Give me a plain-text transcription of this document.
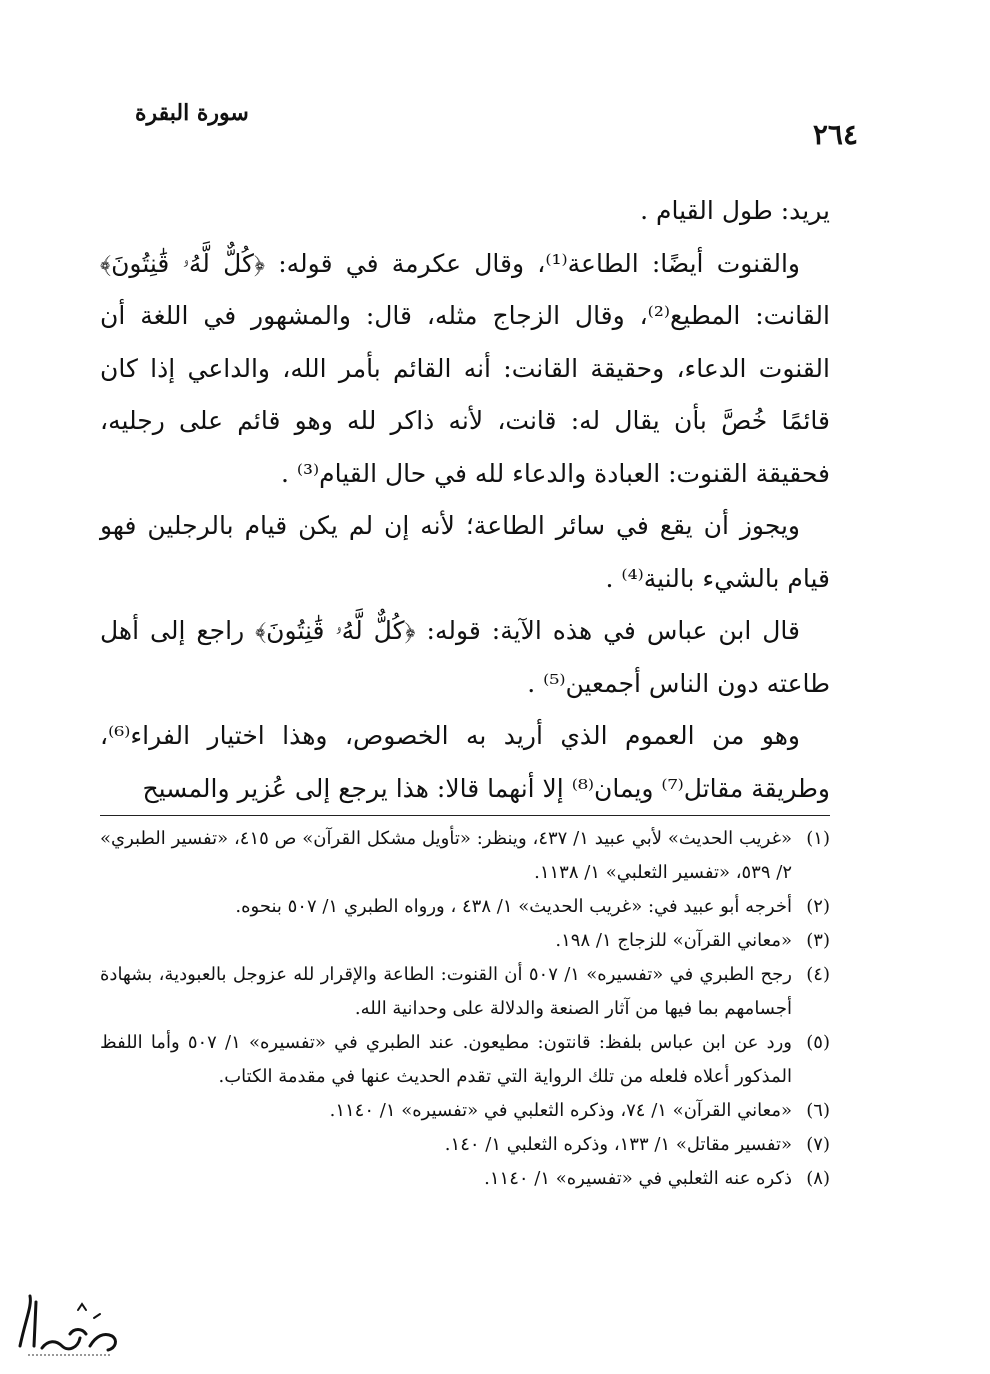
سورة البقرة
٢٦٤

يريد: طول القيام .

والقنوت أيضًا: الطاعة⁽¹⁾، وقال عكرمة في قوله: ﴿كُلٌّ لَّهُۥ قَٰنِتُونَ﴾ القانت: المطيع⁽²⁾، وقال الزجاج مثله، قال: والمشهور في اللغة أن القنوت الدعاء، وحقيقة القانت: أنه القائم بأمر الله، والداعي إذا كان قائمًا خُصَّ بأن يقال له: قانت، لأنه ذاكر لله وهو قائم على رجليه، فحقيقة القنوت: العبادة والدعاء لله في حال القيام⁽³⁾ .

ويجوز أن يقع في سائر الطاعة؛ لأنه إن لم يكن قيام بالرجلين فهو قيام بالشيء بالنية⁽⁴⁾ .

قال ابن عباس في هذه الآية: قوله: ﴿كُلٌّ لَّهُۥ قَٰنِتُونَ﴾ راجع إلى أهل طاعته دون الناس أجمعين⁽⁵⁾ .

وهو من العموم الذي أريد به الخصوص، وهذا اختيار الفراء⁽⁶⁾، وطريقة مقاتل⁽⁷⁾ ويمان⁽⁸⁾ إلا أنهما قالا: هذا يرجع إلى عُزير والمسيح

(١)
«غريب الحديث» لأبي عبيد ١/ ٤٣٧، وينظر: «تأويل مشكل القرآن» ص ٤١٥، «تفسير الطبري» ٢/ ٥٣٩، «تفسير الثعلبي» ١/ ١١٣٨.
(٢)
أخرجه أبو عبيد في: «غريب الحديث» ١/ ٤٣٨ ، ورواه الطبري ١/ ٥٠٧ بنحوه.
(٣)
«معاني القرآن» للزجاج ١/ ١٩٨.
(٤)
رجح الطبري في «تفسيره» ١/ ٥٠٧ أن القنوت: الطاعة والإقرار لله عزوجل بالعبودية، بشهادة أجسامهم بما فيها من آثار الصنعة والدلالة على وحدانية الله.
(٥)
ورد عن ابن عباس بلفظ: قانتون: مطيعون. عند الطبري في «تفسيره» ١/ ٥٠٧ وأما اللفظ المذكور أعلاه فلعله من تلك الرواية التي تقدم الحديث عنها في مقدمة الكتاب.
(٦)
«معاني القرآن» ١/ ٧٤، وذكره الثعلبي في «تفسيره» ١/ ١١٤٠.
(٧)
«تفسير مقاتل» ١/ ١٣٣، وذكره الثعلبي ١/ ١٤٠.
(٨)
ذكره عنه الثعلبي في «تفسيره» ١/ ١١٤٠.
